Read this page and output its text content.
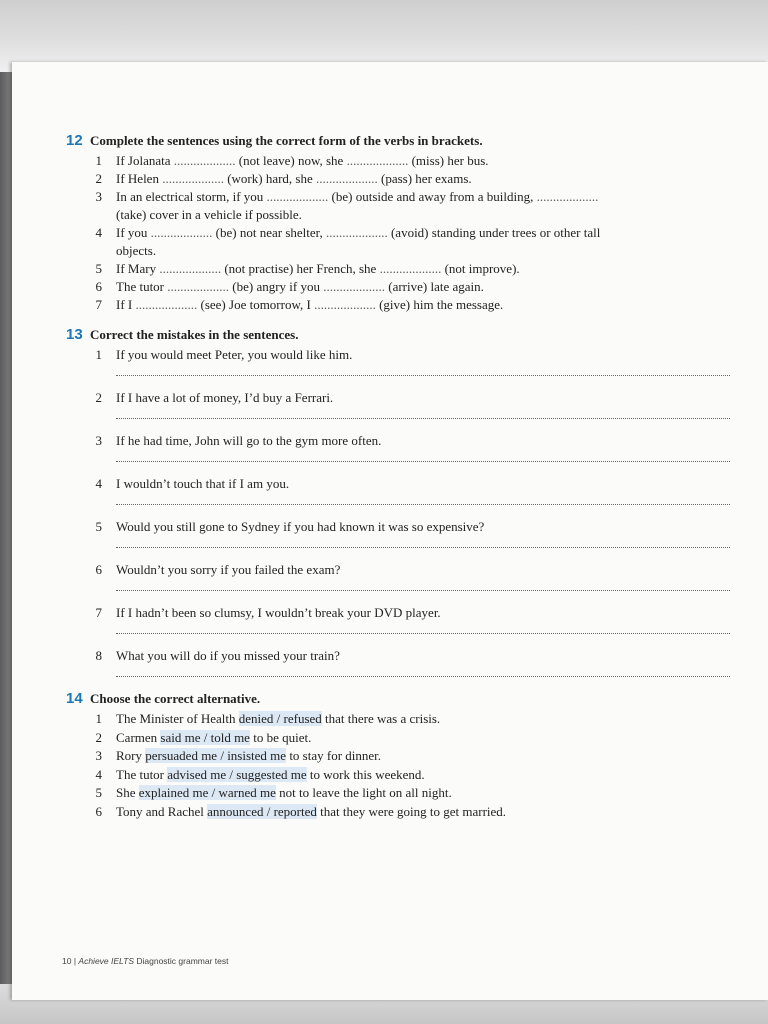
12 Complete the sentences using the correct form of the verbs in brackets.
1	If Jolanata ................... (not leave) now, she ................... (miss) her bus.
2	If Helen ................... (work) hard, she ................... (pass) her exams.
3	In an electrical storm, if you ................... (be) outside and away from a building, ...................
(take) cover in a vehicle if possible.
4	If you ................... (be) not near shelter, ................... (avoid) standing under trees or other tall
objects.
5	If Mary ................... (not practise) her French, she ................... (not improve).
6	The tutor ................... (be) angry if you ................... (arrive) late again.
7	If I ................... (see) Joe tomorrow, I ................... (give) him the message.
13 Correct the mistakes in the sentences.
1	If you would meet Peter, you would like him.
2	If I have a lot of money, I’d buy a Ferrari.
3	If he had time, John will go to the gym more often.
4	I wouldn’t touch that if I am you.
5	Would you still gone to Sydney if you had known it was so expensive?
6	Wouldn’t you sorry if you failed the exam?
7	If I hadn’t been so clumsy, I wouldn’t break your DVD player.
8	What you will do if you missed your train?
14 Choose the correct alternative.
1	The Minister of Health denied / refused that there was a crisis.
2	Carmen said me / told me to be quiet.
3	Rory persuaded me / insisted me to stay for dinner.
4	The tutor advised me / suggested me to work this weekend.
5	She explained me / warned me not to leave the light on all night.
6	Tony and Rachel announced / reported that they were going to get married.
10 | Achieve IELTS Diagnostic grammar test
